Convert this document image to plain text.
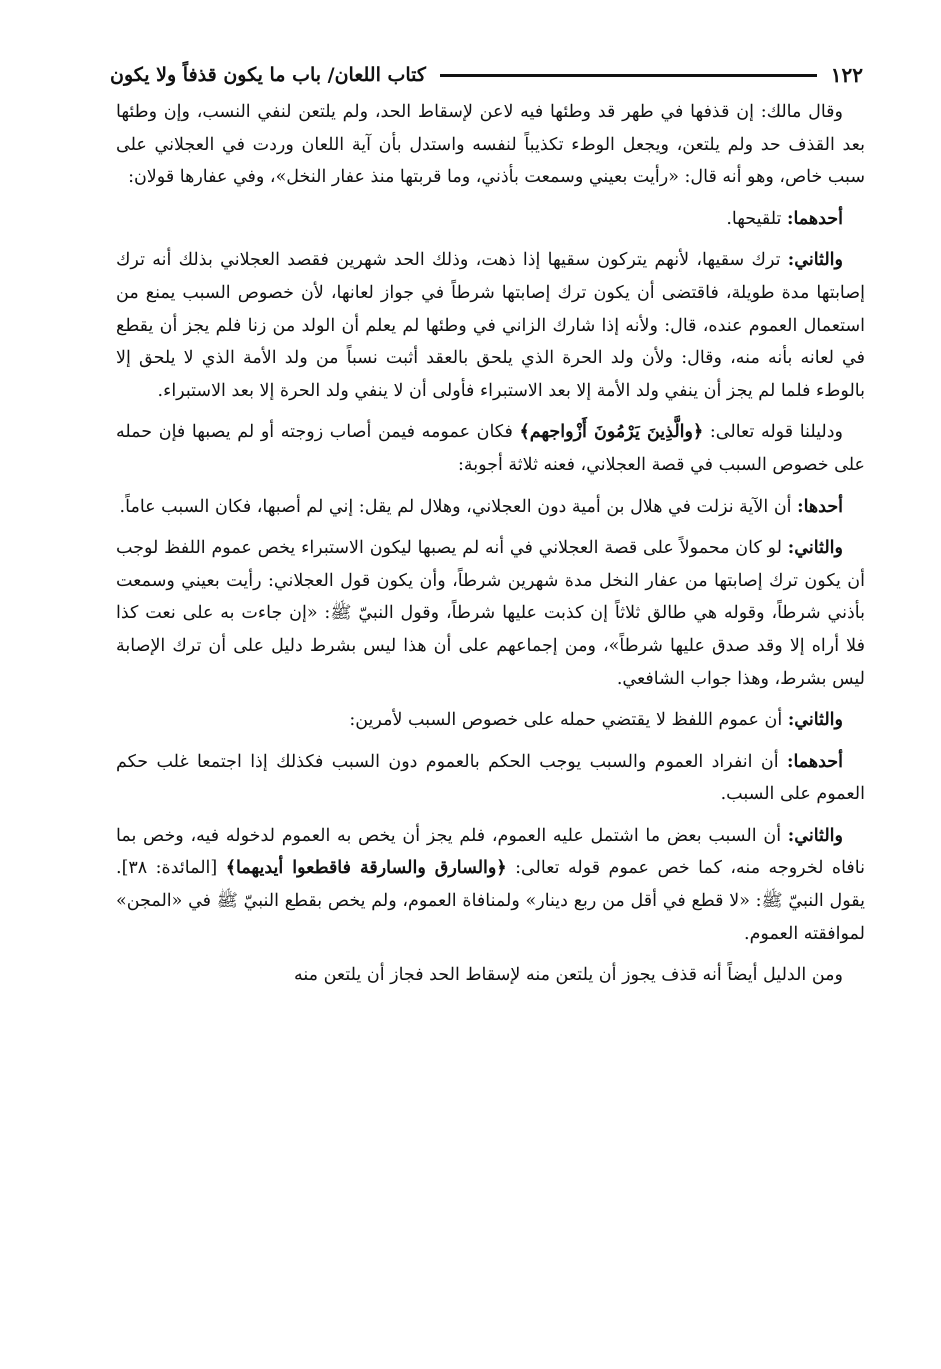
١٢٢
كتاب اللعان/ باب ما يكون قذفاً ولا يكون

وقال مالك: إن قذفها في طهر قد وطئها فيه لاعن لإسقاط الحد، ولم يلتعن لنفي النسب، وإن وطئها بعد القذف حد ولم يلتعن، ويجعل الوطء تكذيباً لنفسه واستدل بأن آية اللعان وردت في العجلاني على سبب خاص، وهو أنه قال: «رأيت بعيني وسمعت بأذني، وما قربتها منذ عفار النخل»، وفي عفارها قولان:

أحدهما: تلقيحها.

والثاني: ترك سقيها، لأنهم يتركون سقيها إذا ذهت، وذلك الحد شهرين فقصد العجلاني بذلك أنه ترك إصابتها مدة طويلة، فاقتضى أن يكون ترك إصابتها شرطاً في جواز لعانها، لأن خصوص السبب يمنع من استعمال العموم عنده، قال: ولأنه إذا شارك الزاني في وطئها لم يعلم أن الولد من زنا فلم يجز أن يقطع في لعانه بأنه منه، وقال: ولأن ولد الحرة الذي يلحق بالعقد أثبت نسباً من ولد الأمة الذي لا يلحق إلا بالوطء فلما لم يجز أن ينفي ولد الأمة إلا بعد الاستبراء فأولى أن لا ينفي ولد الحرة إلا بعد الاستبراء.

ودليلنا قوله تعالى: ﴿والَّذِينَ يَرْمُونَ أَزْواجهم﴾ فكان عمومه فيمن أصاب زوجته أو لم يصبها فإن حمله على خصوص السبب في قصة العجلاني، فعنه ثلاثة أجوبة:

أحدها: أن الآية نزلت في هلال بن أمية دون العجلاني، وهلال لم يقل: إني لم أصبها، فكان السبب عاماً.

والثاني: لو كان محمولاً على قصة العجلاني في أنه لم يصبها ليكون الاستبراء يخص عموم اللفظ لوجب أن يكون ترك إصابتها من عفار النخل مدة شهرين شرطاً، وأن يكون قول العجلاني: رأيت بعيني وسمعت بأذني شرطاً، وقوله هي طالق ثلاثاً إن كذبت عليها شرطاً، وقول النبيّ ﷺ: «إن جاءت به على نعت كذا فلا أراه إلا وقد صدق عليها شرطاً»، ومن إجماعهم على أن هذا ليس بشرط دليل على أن ترك الإصابة ليس بشرط، وهذا جواب الشافعي.

والثاني: أن عموم اللفظ لا يقتضي حمله على خصوص السبب لأمرين:

أحدهما: أن انفراد العموم والسبب يوجب الحكم بالعموم دون السبب فكذلك إذا اجتمعا غلب حكم العموم على السبب.

والثاني: أن السبب بعض ما اشتمل عليه العموم، فلم يجز أن يخص به العموم لدخوله فيه، وخص بما نافاه لخروجه منه، كما خص عموم قوله تعالى: ﴿والسارق والسارقة فاقطعوا أيديهما﴾ [المائدة: ٣٨]. يقول النبيّ ﷺ: «لا قطع في أقل من ربع دينار» ولمنافاة العموم، ولم يخص بقطع النبيّ ﷺ في «المجن» لموافقته العموم.

ومن الدليل أيضاً أنه قذف يجوز أن يلتعن منه لإسقاط الحد فجاز أن يلتعن منه
